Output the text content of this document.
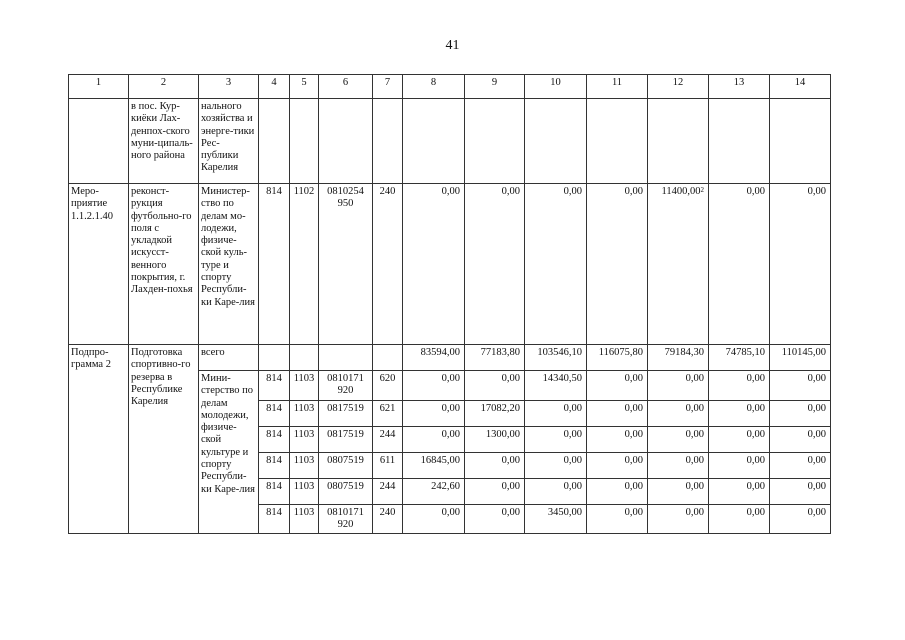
41
1	2	3	4	5	6	7	8	9	10	11	12	13	14
	в пос. Кур-киёки Лах-денпох-ского муни-ципаль-ного района	нального хозяйства и энерге-тики Рес-публики Карелия											
Меро-приятие 1.1.2.1.40	реконст-рукция футбольно-го поля с укладкой искусст-венного покрытия, г. Лахден-похья	Министер-ство по делам мо-лодежи, физиче-ской куль-туре и спорту Республи-ки Каре-лия	814	1102	0810254 950	240	0,00	0,00	0,00	0,00	11400,00$^2$	0,00	0,00
Подпро-грамма 2	Подготовка спортивно-го резерва в Республике Карелия	всего					83594,00	77183,80	103546,10	116075,80	79184,30	74785,10	110145,00
		Мини-стерство по делам молодежи, физиче-ской культуре и спорту Республи-ки Каре-лия	814	1103	0810171 920	620	0,00	0,00	14340,50	0,00	0,00	0,00	0,00
			814	1103	0817519	621	0,00	17082,20	0,00	0,00	0,00	0,00	0,00
			814	1103	0817519	244	0,00	1300,00	0,00	0,00	0,00	0,00	0,00
			814	1103	0807519	611	16845,00	0,00	0,00	0,00	0,00	0,00	0,00
			814	1103	0807519	244	242,60	0,00	0,00	0,00	0,00	0,00	0,00
			814	1103	0810171 920	240	0,00	0,00	3450,00	0,00	0,00	0,00	0,00
